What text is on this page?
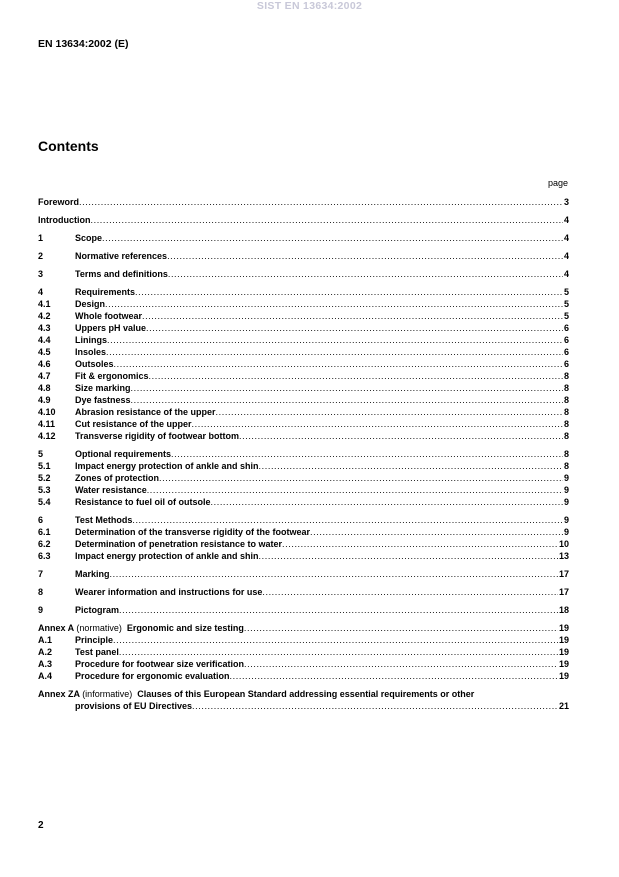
SIST EN 13634:2002
EN 13634:2002 (E)
Contents
page
Foreword .....	3
Introduction .....	4
1	Scope .....	4
2	Normative references .....	4
3	Terms and definitions .....	4
4	Requirements .....	5
4.1	Design .....	5
4.2	Whole footwear .....	5
4.3	Uppers pH value .....	6
4.4	Linings .....	6
4.5	Insoles .....	6
4.6	Outsoles .....	6
4.7	Fit & ergonomics .....	8
4.8	Size marking .....	8
4.9	Dye fastness .....	8
4.10	Abrasion resistance of the upper .....	8
4.11	Cut resistance of the upper .....	8
4.12	Transverse rigidity of footwear bottom .....	8
5	Optional requirements .....	8
5.1	Impact energy protection of ankle and shin .....	8
5.2	Zones of protection .....	9
5.3	Water resistance .....	9
5.4	Resistance to fuel oil of outsole .....	9
6	Test Methods .....	9
6.1	Determination of the transverse rigidity of the footwear .....	9
6.2	Determination of penetration resistance to water .....	10
6.3	Impact energy protection of ankle and shin .....	13
7	Marking .....	17
8	Wearer information and instructions for use .....	17
9	Pictogram .....	18
Annex A (normative) Ergonomic and size testing .....	19
A.1	Principle .....	19
A.2	Test panel .....	19
A.3	Procedure for footwear size verification .....	19
A.4	Procedure for ergonomic evaluation .....	19
Annex ZA (informative) Clauses of this European Standard addressing essential requirements or other
provisions of EU Directives .....	21
2
